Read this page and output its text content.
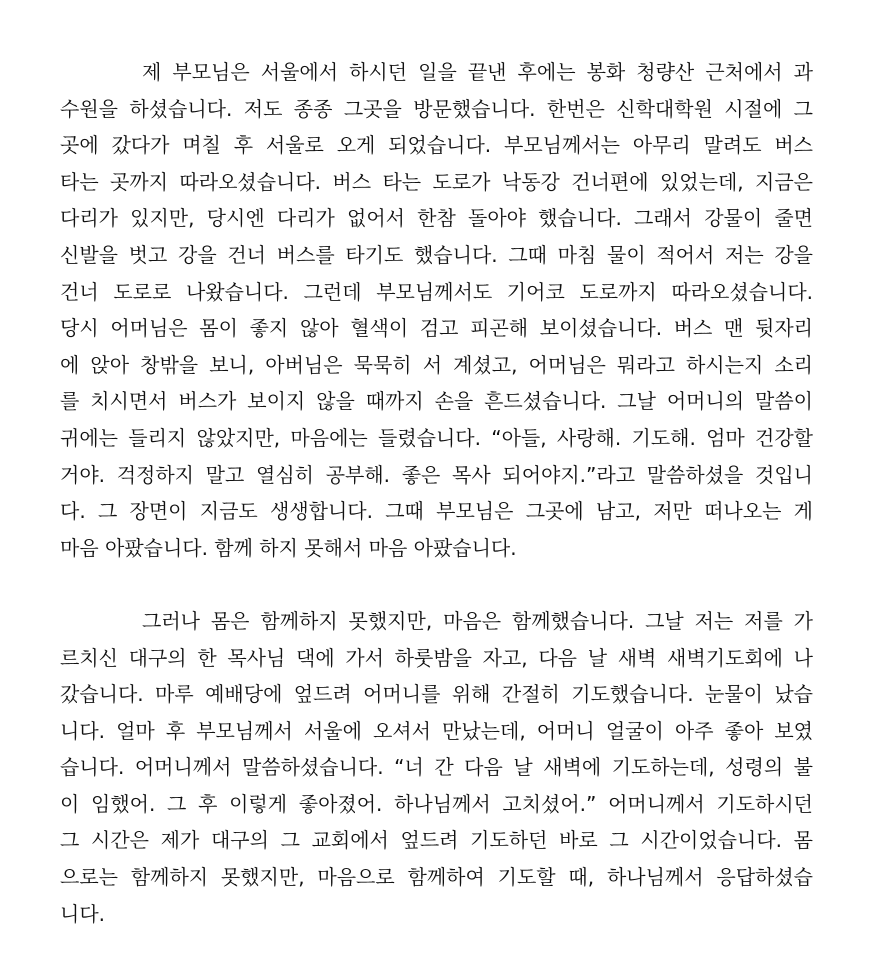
제 부모님은 서울에서 하시던 일을 끝낸 후에는 봉화 청량산 근처에서 과
수원을 하셨습니다. 저도 종종 그곳을 방문했습니다. 한번은 신학대학원 시절에 그
곳에 갔다가 며칠 후 서울로 오게 되었습니다. 부모님께서는 아무리 말려도 버스
타는 곳까지 따라오셨습니다. 버스 타는 도로가 낙동강 건너편에 있었는데, 지금은
다리가 있지만, 당시엔 다리가 없어서 한참 돌아야 했습니다. 그래서 강물이 줄면
신발을 벗고 강을 건너 버스를 타기도 했습니다. 그때 마침 물이 적어서 저는 강을
건너 도로로 나왔습니다. 그런데 부모님께서도 기어코 도로까지 따라오셨습니다.
당시 어머님은 몸이 좋지 않아 혈색이 검고 피곤해 보이셨습니다. 버스 맨 뒷자리
에 앉아 창밖을 보니, 아버님은 묵묵히 서 계셨고, 어머님은 뭐라고 하시는지 소리
를 치시면서 버스가 보이지 않을 때까지 손을 흔드셨습니다. 그날 어머니의 말씀이
귀에는 들리지 않았지만, 마음에는 들렸습니다. “아들, 사랑해. 기도해. 엄마 건강할
거야. 걱정하지 말고 열심히 공부해. 좋은 목사 되어야지.”라고 말씀하셨을 것입니
다. 그 장면이 지금도 생생합니다. 그때 부모님은 그곳에 남고, 저만 떠나오는 게
마음 아팠습니다. 함께 하지 못해서 마음 아팠습니다.
그러나 몸은 함께하지 못했지만, 마음은 함께했습니다. 그날 저는 저를 가
르치신 대구의 한 목사님 댁에 가서 하룻밤을 자고, 다음 날 새벽 새벽기도회에 나
갔습니다. 마루 예배당에 엎드려 어머니를 위해 간절히 기도했습니다. 눈물이 났습
니다. 얼마 후 부모님께서 서울에 오셔서 만났는데, 어머니 얼굴이 아주 좋아 보였
습니다. 어머니께서 말씀하셨습니다. “너 간 다음 날 새벽에 기도하는데, 성령의 불
이 임했어. 그 후 이렇게 좋아졌어. 하나님께서 고치셨어.” 어머니께서 기도하시던
그 시간은 제가 대구의 그 교회에서 엎드려 기도하던 바로 그 시간이었습니다. 몸
으로는 함께하지 못했지만, 마음으로 함께하여 기도할 때, 하나님께서 응답하셨습
니다.
